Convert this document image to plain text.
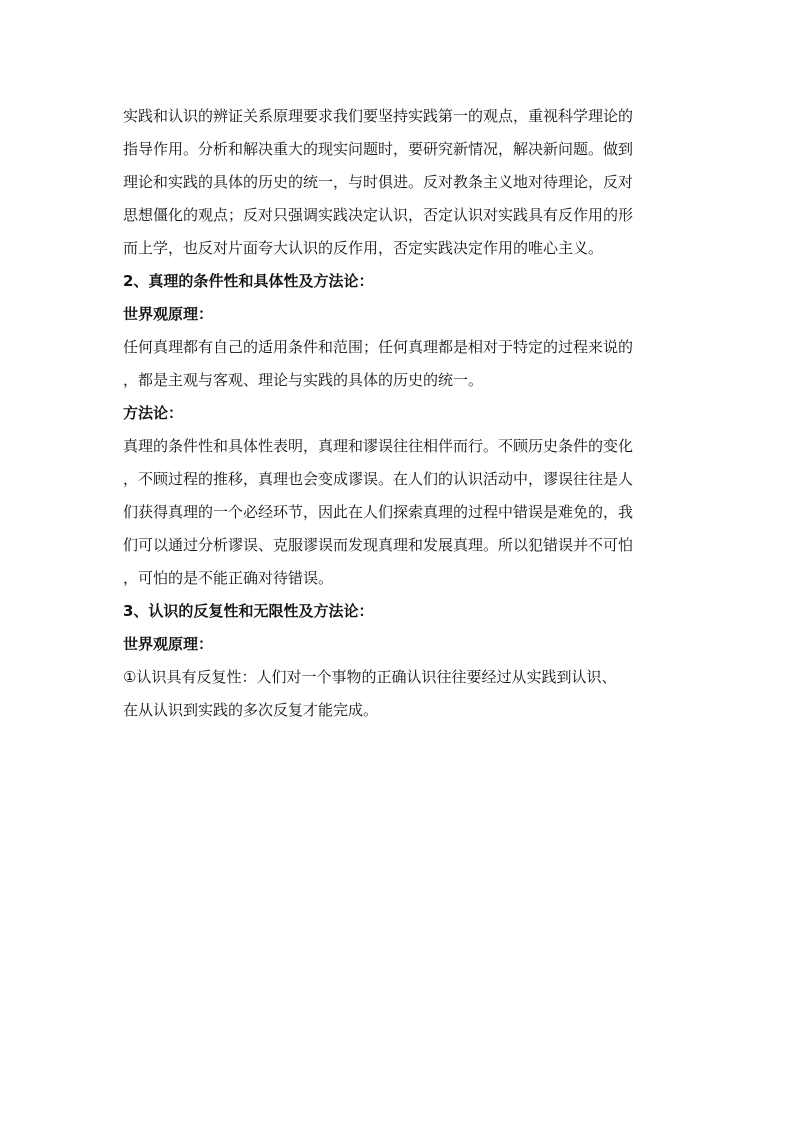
实践和认识的辨证关系原理要求我们要坚持实践第一的观点，重视科学理论的

指导作用。分析和解决重大的现实问题时，要研究新情况，解决新问题。做到

理论和实践的具体的历史的统一，与时俱进。反对教条主义地对待理论，反对

思想僵化的观点；反对只强调实践决定认识，否定认识对实践具有反作用的形

而上学，也反对片面夸大认识的反作用，否定实践决定作用的唯心主义。

2、真理的条件性和具体性及方法论：

世界观原理：

任何真理都有自己的适用条件和范围；任何真理都是相对于特定的过程来说的

，都是主观与客观、理论与实践的具体的历史的统一。

方法论：

真理的条件性和具体性表明，真理和谬误往往相伴而行。不顾历史条件的变化

，不顾过程的推移，真理也会变成谬误。在人们的认识活动中，谬误往往是人

们获得真理的一个必经环节，因此在人们探索真理的过程中错误是难免的，我

们可以通过分析谬误、克服谬误而发现真理和发展真理。所以犯错误并不可怕

，可怕的是不能正确对待错误。

3、认识的反复性和无限性及方法论：

世界观原理：

①认识具有反复性：人们对一个事物的正确认识往往要经过从实践到认识、

在从认识到实践的多次反复才能完成。
